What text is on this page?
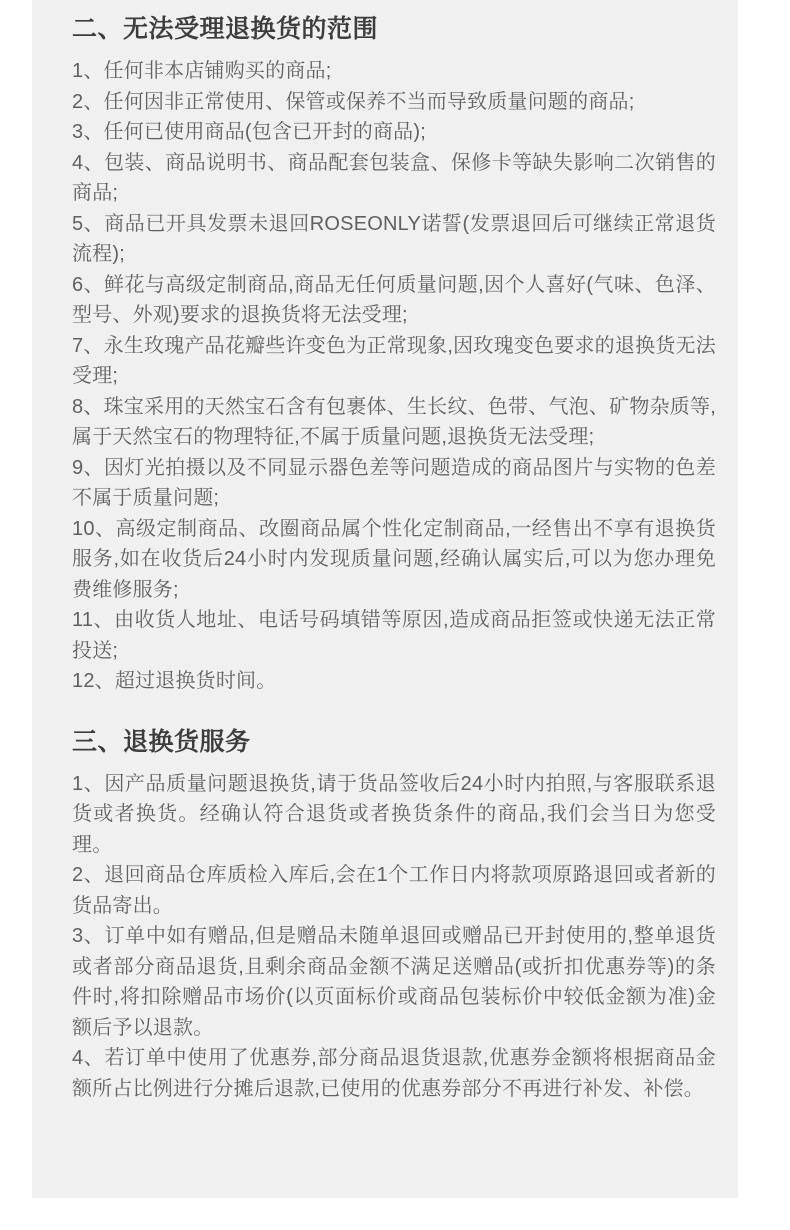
二、无法受理退换货的范围

1、任何非本店铺购买的商品;

2、任何因非正常使用、保管或保养不当而导致质量问题的商品;

3、任何已使用商品(包含已开封的商品);

4、包装、商品说明书、商品配套包装盒、保修卡等缺失影响二次销售的商品;

5、商品已开具发票未退回ROSEONLY诺誓(发票退回后可继续正常退货流程);

6、鲜花与高级定制商品,商品无任何质量问题,因个人喜好(气味、色泽、型号、外观)要求的退换货将无法受理;

7、永生玫瑰产品花瓣些许变色为正常现象,因玫瑰变色要求的退换货无法受理;

8、珠宝采用的天然宝石含有包裹体、生长纹、色带、气泡、矿物杂质等,属于天然宝石的物理特征,不属于质量问题,退换货无法受理;

9、因灯光拍摄以及不同显示器色差等问题造成的商品图片与实物的色差不属于质量问题;

10、高级定制商品、改圈商品属个性化定制商品,一经售出不享有退换货服务,如在收货后24小时内发现质量问题,经确认属实后,可以为您办理免费维修服务;

11、由收货人地址、电话号码填错等原因,造成商品拒签或快递无法正常投送;

12、超过退换货时间。

三、退换货服务

1、因产品质量问题退换货,请于货品签收后24小时内拍照,与客服联系退货或者换货。经确认符合退货或者换货条件的商品,我们会当日为您受理。

2、退回商品仓库质检入库后,会在1个工作日内将款项原路退回或者新的货品寄出。

3、订单中如有赠品,但是赠品未随单退回或赠品已开封使用的,整单退货或者部分商品退货,且剩余商品金额不满足送赠品(或折扣优惠券等)的条件时,将扣除赠品市场价(以页面标价或商品包装标价中较低金额为准)金额后予以退款。

4、若订单中使用了优惠券,部分商品退货退款,优惠券金额将根据商品金额所占比例进行分摊后退款,已使用的优惠券部分不再进行补发、补偿。
